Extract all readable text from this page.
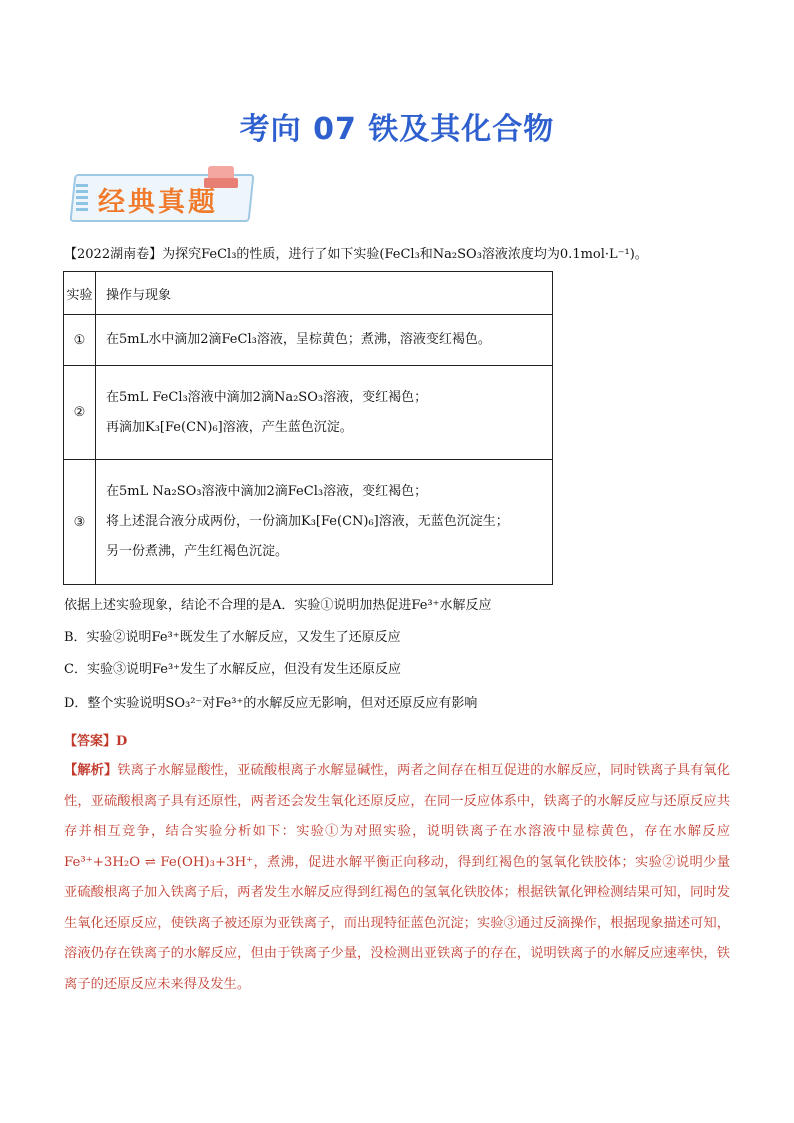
考向 07 铁及其化合物
经典真题
【2022湖南卷】为探究FeCl₃的性质，进行了如下实验(FeCl₃和Na₂SO₃溶液浓度均为0.1mol·L⁻¹)。
实验	操作与现象
①	在5mL水中滴加2滴FeCl₃溶液，呈棕黄色；煮沸，溶液变红褐色。

②	在5mL FeCl₃溶液中滴加2滴Na₂SO₃溶液，变红褐色；
再滴加K₃[Fe(CN)₆]溶液，产生蓝色沉淀。

③	在5mL Na₂SO₃溶液中滴加2滴FeCl₃溶液，变红褐色；
将上述混合液分成两份，一份滴加K₃[Fe(CN)₆]溶液，无蓝色沉淀生；
另一份煮沸，产生红褐色沉淀。
依据上述实验现象，结论不合理的是A．实验①说明加热促进Fe³⁺水解反应
B．实验②说明Fe³⁺既发生了水解反应，又发生了还原反应
C．实验③说明Fe³⁺发生了水解反应，但没有发生还原反应
D．整个实验说明SO₃²⁻对Fe³⁺的水解反应无影响，但对还原反应有影响
【答案】D
【解析】铁离子水解显酸性，亚硫酸根离子水解显碱性，两者之间存在相互促进的水解反应，同时铁离子具有氧化性，亚硫酸根离子具有还原性，两者还会发生氧化还原反应，在同一反应体系中，铁离子的水解反应与还原反应共存并相互竞争，结合实验分析如下：实验①为对照实验，说明铁离子在水溶液中显棕黄色，存在水解反应Fe³⁺+3H₂O ⇌ Fe(OH)₃+3H⁺，煮沸，促进水解平衡正向移动，得到红褐色的氢氧化铁胶体；实验②说明少量亚硫酸根离子加入铁离子后，两者发生水解反应得到红褐色的氢氧化铁胶体；根据铁氰化钾检测结果可知，同时发生氧化还原反应，使铁离子被还原为亚铁离子，而出现特征蓝色沉淀；实验③通过反滴操作，根据现象描述可知，溶液仍存在铁离子的水解反应，但由于铁离子少量，没检测出亚铁离子的存在，说明铁离子的水解反应速率快，铁离子的还原反应未来得及发生。
